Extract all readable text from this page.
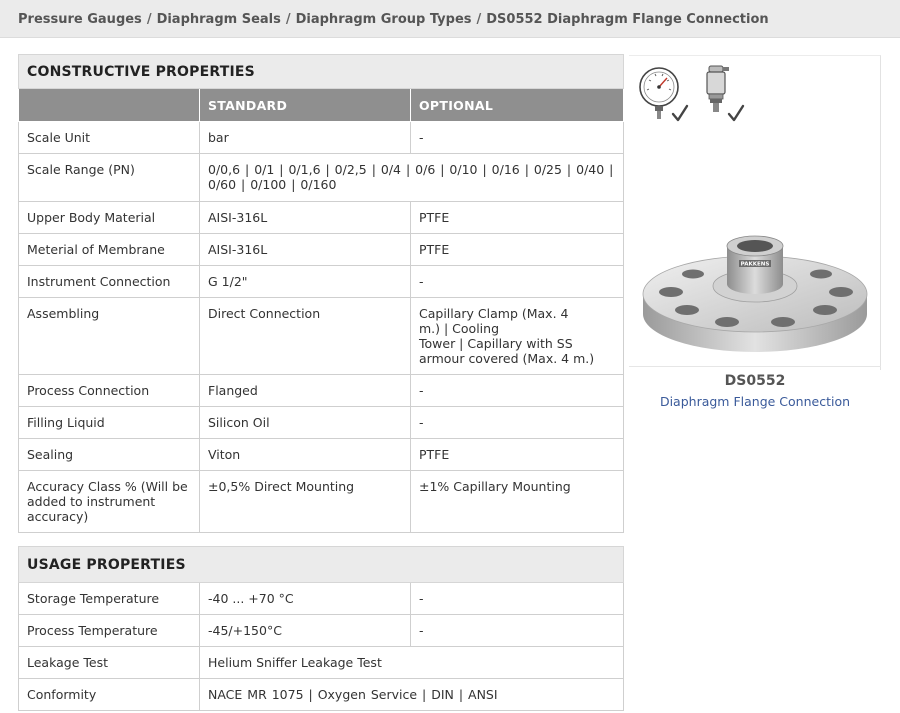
Pressure Gauges / Diaphragm Seals / Diaphragm Group Types / DS0552 Diaphragm Flange Connection
CONSTRUCTIVE PROPERTIES		
	STANDARD	OPTIONAL
Scale Unit	bar	-
Scale Range (PN)	0/0,6 | 0/1 | 0/1,6 | 0/2,5 | 0/4 | 0/6 | 0/10 | 0/16 | 0/25 | 0/40 | 0/60 | 0/100 | 0/160	
Upper Body Material	AISI-316L	PTFE
Meterial of Membrane	AISI-316L	PTFE
Instrument Connection	G 1/2"	-
Assembling	Direct Connection	Capillary Clamp (Max. 4
m.) | Cooling
Tower | Capillary with SS
armour covered (Max. 4 m.)

Process Connection	Flanged	-
Filling Liquid	Silicon Oil	-
Sealing	Viton	PTFE
Accuracy Class % (Will be added to instrument accuracy)	±0,5% Direct Mounting	±1% Capillary Mounting
USAGE PROPERTIES		
Storage Temperature	-40 ... +70 °C	-
Process Temperature	-45/+150°C	-
Leakage Test	Helium Sniffer Leakage Test	
Conformity	NACE MR 1075 | Oxygen Service | DIN | ANSI	
PAKKENS
DS0552
Diaphragm Flange Connection
